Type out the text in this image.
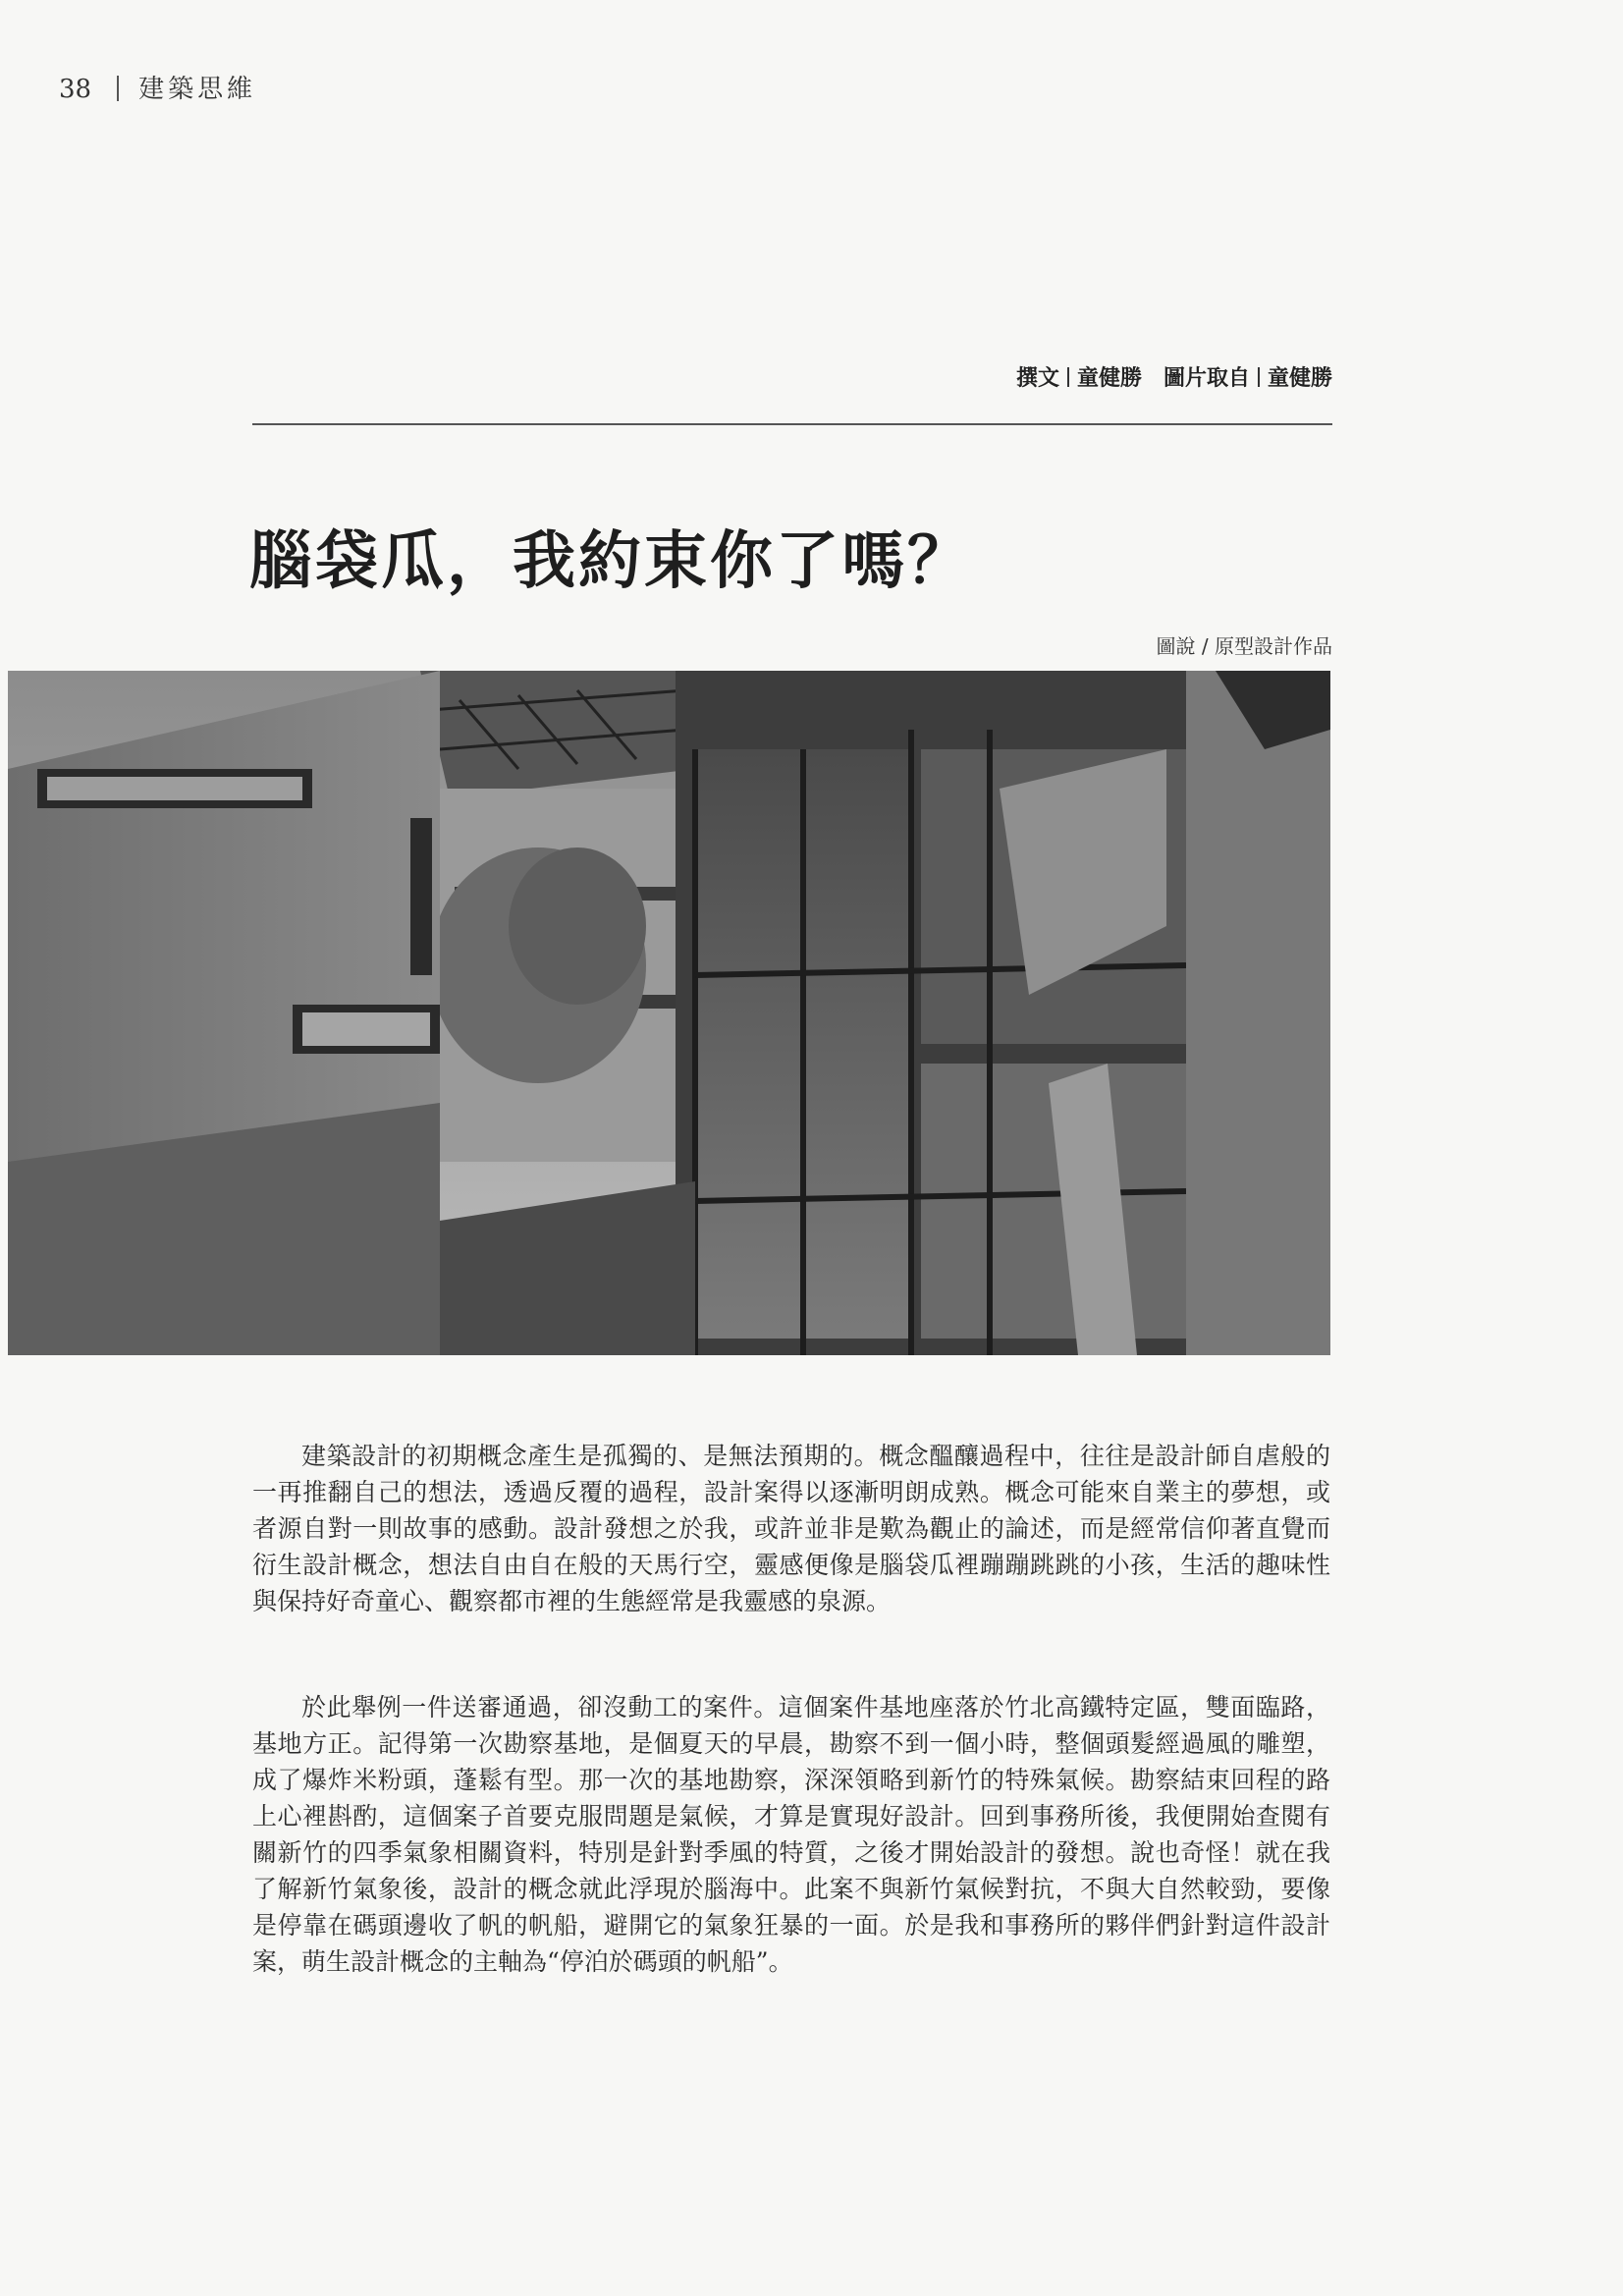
38 建築思維
撰文 童健勝 圖片取自 童健勝
腦袋瓜，我約束你了嗎？
圖說 / 原型設計作品

建築設計的初期概念產生是孤獨的、是無法預期的。概念醞釀過程中，往往是設計師自虐般的一再推翻自己的想法，透過反覆的過程，設計案得以逐漸明朗成熟。概念可能來自業主的夢想，或者源自對一則故事的感動。設計發想之於我，或許並非是歎為觀止的論述，而是經常信仰著直覺而衍生設計概念，想法自由自在般的天馬行空，靈感便像是腦袋瓜裡蹦蹦跳跳的小孩，生活的趣味性與保持好奇童心、觀察都市裡的生態經常是我靈感的泉源。

於此舉例一件送審通過，卻沒動工的案件。這個案件基地座落於竹北高鐵特定區，雙面臨路，基地方正。記得第一次勘察基地，是個夏天的早晨，勘察不到一個小時，整個頭髮經過風的雕塑，成了爆炸米粉頭，蓬鬆有型。那一次的基地勘察，深深領略到新竹的特殊氣候。勘察結束回程的路上心裡斟酌，這個案子首要克服問題是氣候，才算是實現好設計。回到事務所後，我便開始查閱有關新竹的四季氣象相關資料，特別是針對季風的特質，之後才開始設計的發想。說也奇怪！就在我了解新竹氣象後，設計的概念就此浮現於腦海中。此案不與新竹氣候對抗，不與大自然較勁，要像是停靠在碼頭邊收了帆的帆船，避開它的氣象狂暴的一面。於是我和事務所的夥伴們針對這件設計案，萌生設計概念的主軸為“停泊於碼頭的帆船”。
